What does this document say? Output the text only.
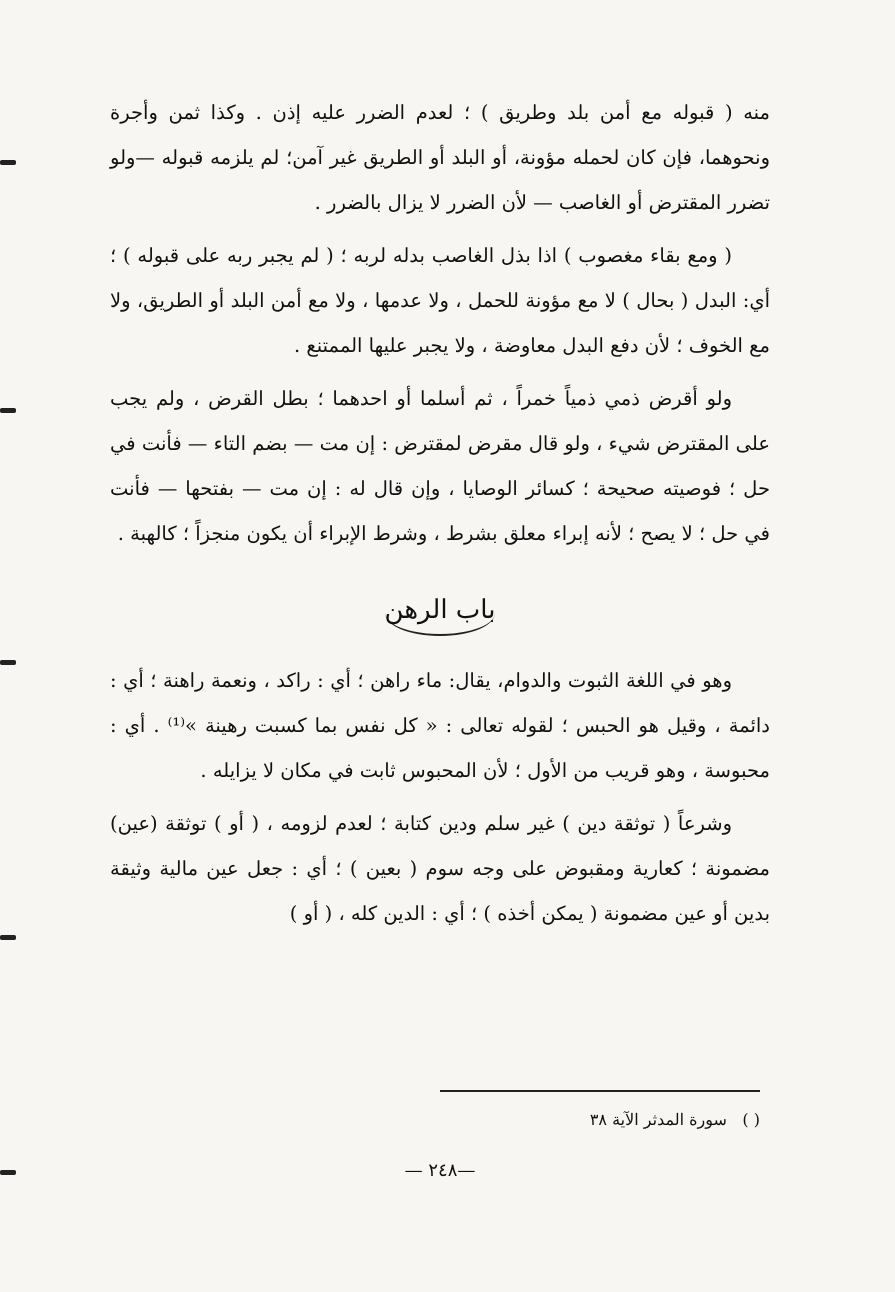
منه ( قبوله مع أمن بلد وطريق ) ؛ لعدم الضرر عليه إذن . وكذا ثمن وأجرة ونحوهما، فإن كان لحمله مؤونة، أو البلد أو الطريق غير آمن؛ لم يلزمه قبوله —ولو تضرر المقترض أو الغاصب — لأن الضرر لا يزال بالضرر .

( ومع بقاء مغصوب ) اذا بذل الغاصب بدله لربه ؛ ( لم يجبر ربه على قبوله ) ؛ أي: البدل ( بحال ) لا مع مؤونة للحمل ، ولا عدمها ، ولا مع أمن البلد أو الطريق، ولا مع الخوف ؛ لأن دفع البدل معاوضة ، ولا يجبر عليها الممتنع .

ولو أقرض ذمي ذمياً خمراً ، ثم أسلما أو احدهما ؛ بطل القرض ، ولم يجب على المقترض شيء ، ولو قال مقرض لمقترض : إن مت — بضم التاء — فأنت في حل ؛ فوصيته صحيحة ؛ كسائر الوصايا ، وإن قال له : إن مت — بفتحها — فأنت في حل ؛ لا يصح ؛ لأنه إبراء معلق بشرط ، وشرط الإبراء أن يكون منجزاً ؛ كالهبة .

باب الرهن

وهو في اللغة الثبوت والدوام، يقال: ماء راهن ؛ أي : راكد ، ونعمة راهنة ؛ أي : دائمة ، وقيل هو الحبس ؛ لقوله تعالى : « كل نفس بما كسبت رهينة »⁽¹⁾ . أي : محبوسة ، وهو قريب من الأول ؛ لأن المحبوس ثابت في مكان لا يزايله .

وشرعاً ( توثقة دين ) غير سلم ودين كتابة ؛ لعدم لزومه ، ( أو ) توثقة (عين) مضمونة ؛ كعارية ومقبوض على وجه سوم ( بعين ) ؛ أي : جعل عين مالية وثيقة بدين أو عين مضمونة ( يمكن أخذه ) ؛ أي : الدين كله ، ( أو )

( ) سورة المدثر الآية ٣٨
— ٢٤٨—
